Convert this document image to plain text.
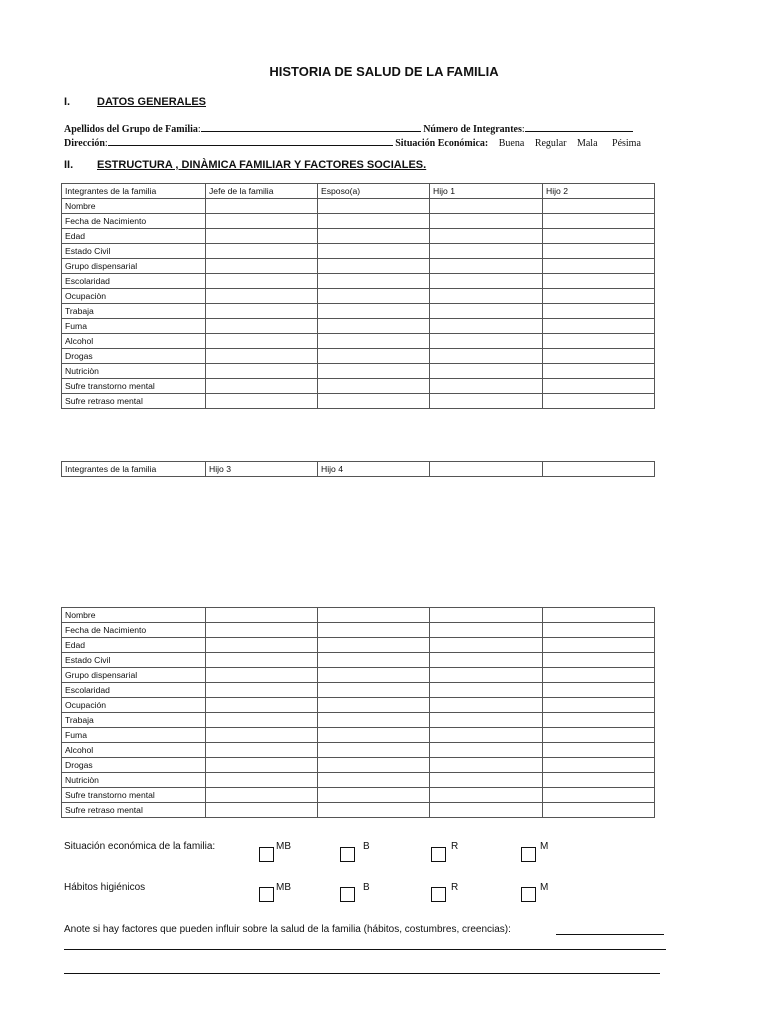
HISTORIA DE SALUD DE LA FAMILIA
I. DATOS GENERALES
Apellidos del Grupo de Familia:	Número de Integrantes:
Dirección:	Situación Económica: Buena Regular Mala Pésima
II. ESTRUCTURA , DINÀMICA FAMILIAR Y FACTORES SOCIALES.
Integrantes de la familia	Jefe de la familia	Esposo(a)	Hijo 1	Hijo 2
Nombre				
Fecha de Nacimiento				
Edad				
Estado Civil				
Grupo dispensarial				
Escolaridad				
Ocupaciòn				
Trabaja				
Fuma				
Alcohol				
Drogas				
Nutriciòn				
Sufre transtorno mental				
Sufre retraso mental				
Integrantes de la familia	Hijo 3	Hijo 4		
Nombre				
Fecha de Nacimiento				
Edad				
Estado Civil				
Grupo dispensarial				
Escolaridad				
Ocupación				
Trabaja				
Fuma				
Alcohol				
Drogas				
Nutriciòn				
Sufre transtorno mental				
Sufre retraso mental				
Situación económica de la familia:	MB	B	R	M
Hábitos higiénicos	MB	B	R	M
Anote si hay factores que pueden influir sobre la salud de la familia (hábitos, costumbres, creencias):
